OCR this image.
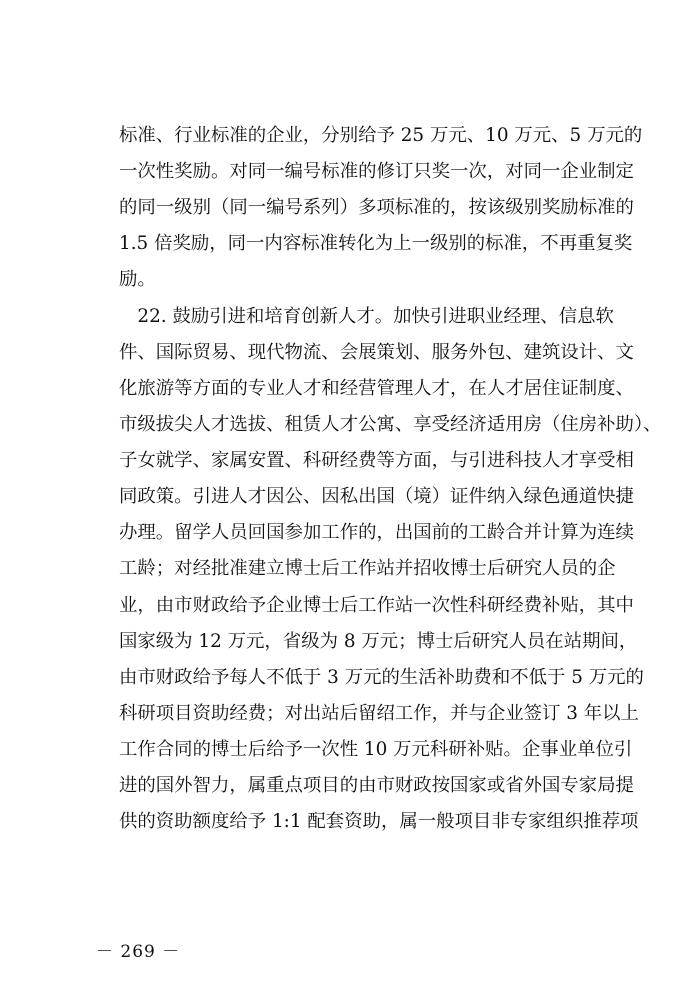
标准、行业标准的企业，分别给予 25 万元、10 万元、5 万元的
一次性奖励。对同一编号标准的修订只奖一次，对同一企业制定
的同一级别（同一编号系列）多项标准的，按该级别奖励标准的
1.5 倍奖励，同一内容标准转化为上一级别的标准，不再重复奖
励。
　22. 鼓励引进和培育创新人才。加快引进职业经理、信息软
件、国际贸易、现代物流、会展策划、服务外包、建筑设计、文
化旅游等方面的专业人才和经营管理人才，在人才居住证制度、
市级拔尖人才选拔、租赁人才公寓、享受经济适用房（住房补助）、
子女就学、家属安置、科研经费等方面，与引进科技人才享受相
同政策。引进人才因公、因私出国（境）证件纳入绿色通道快捷
办理。留学人员回国参加工作的，出国前的工龄合并计算为连续
工龄；对经批准建立博士后工作站并招收博士后研究人员的企
业，由市财政给予企业博士后工作站一次性科研经费补贴，其中
国家级为 12 万元，省级为 8 万元；博士后研究人员在站期间，
由市财政给予每人不低于 3 万元的生活补助费和不低于 5 万元的
科研项目资助经费；对出站后留绍工作，并与企业签订 3 年以上
工作合同的博士后给予一次性 10 万元科研补贴。企事业单位引
进的国外智力，属重点项目的由市财政按国家或省外国专家局提
供的资助额度给予 1:1 配套资助，属一般项目非专家组织推荐项
－ 269 －
